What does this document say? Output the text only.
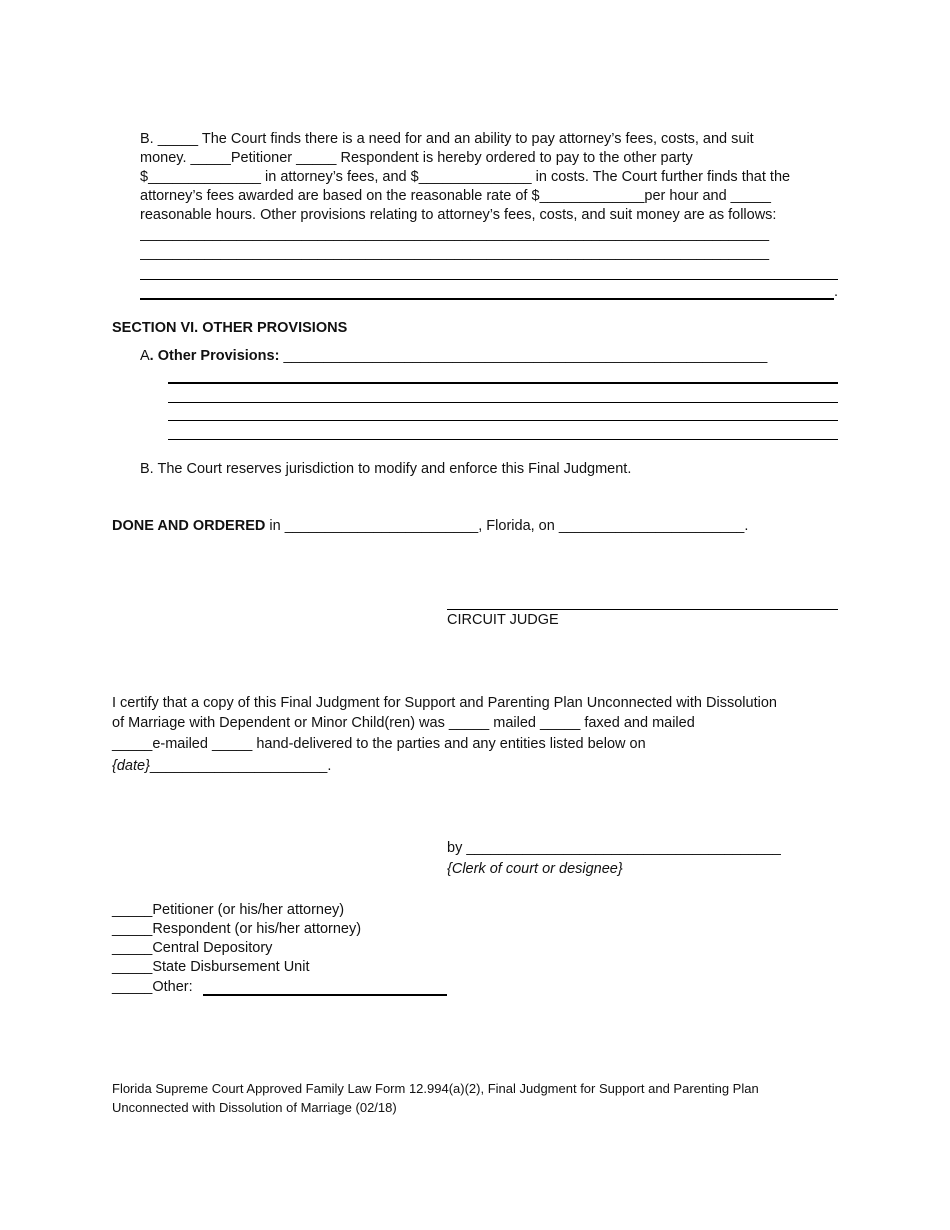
B. _____ The Court finds there is a need for and an ability to pay attorney’s fees, costs, and suit
money. _____Petitioner _____ Respondent is hereby ordered to pay to the other party
$______________ in attorney’s fees, and $______________ in costs. The Court further finds that the
attorney’s fees awarded are based on the reasonable rate of $_____________per hour and _____
reasonable hours. Other provisions relating to attorney’s fees, costs, and suit money are as follows:
______________________________________________________________________________
______________________________________________________________________________
.
SECTION VI. OTHER PROVISIONS
A. Other Provisions: ____________________________________________________________
B. The Court reserves jurisdiction to modify and enforce this Final Judgment.
DONE AND ORDERED in ________________________, Florida, on _______________________.
CIRCUIT JUDGE
I certify that a copy of this Final Judgment for Support and Parenting Plan Unconnected with Dissolution
of Marriage with Dependent or Minor Child(ren) was _____ mailed _____ faxed and mailed
_____e-mailed _____ hand-delivered to the parties and any entities listed below on
{date}______________________.
by _______________________________________
{Clerk of court or designee}
_____Petitioner (or his/her attorney)
_____Respondent (or his/her attorney)
_____Central Depository
_____State Disbursement Unit
_____Other:
Florida Supreme Court Approved Family Law Form 12.994(a)(2), Final Judgment for Support and Parenting Plan
Unconnected with Dissolution of Marriage (02/18)
